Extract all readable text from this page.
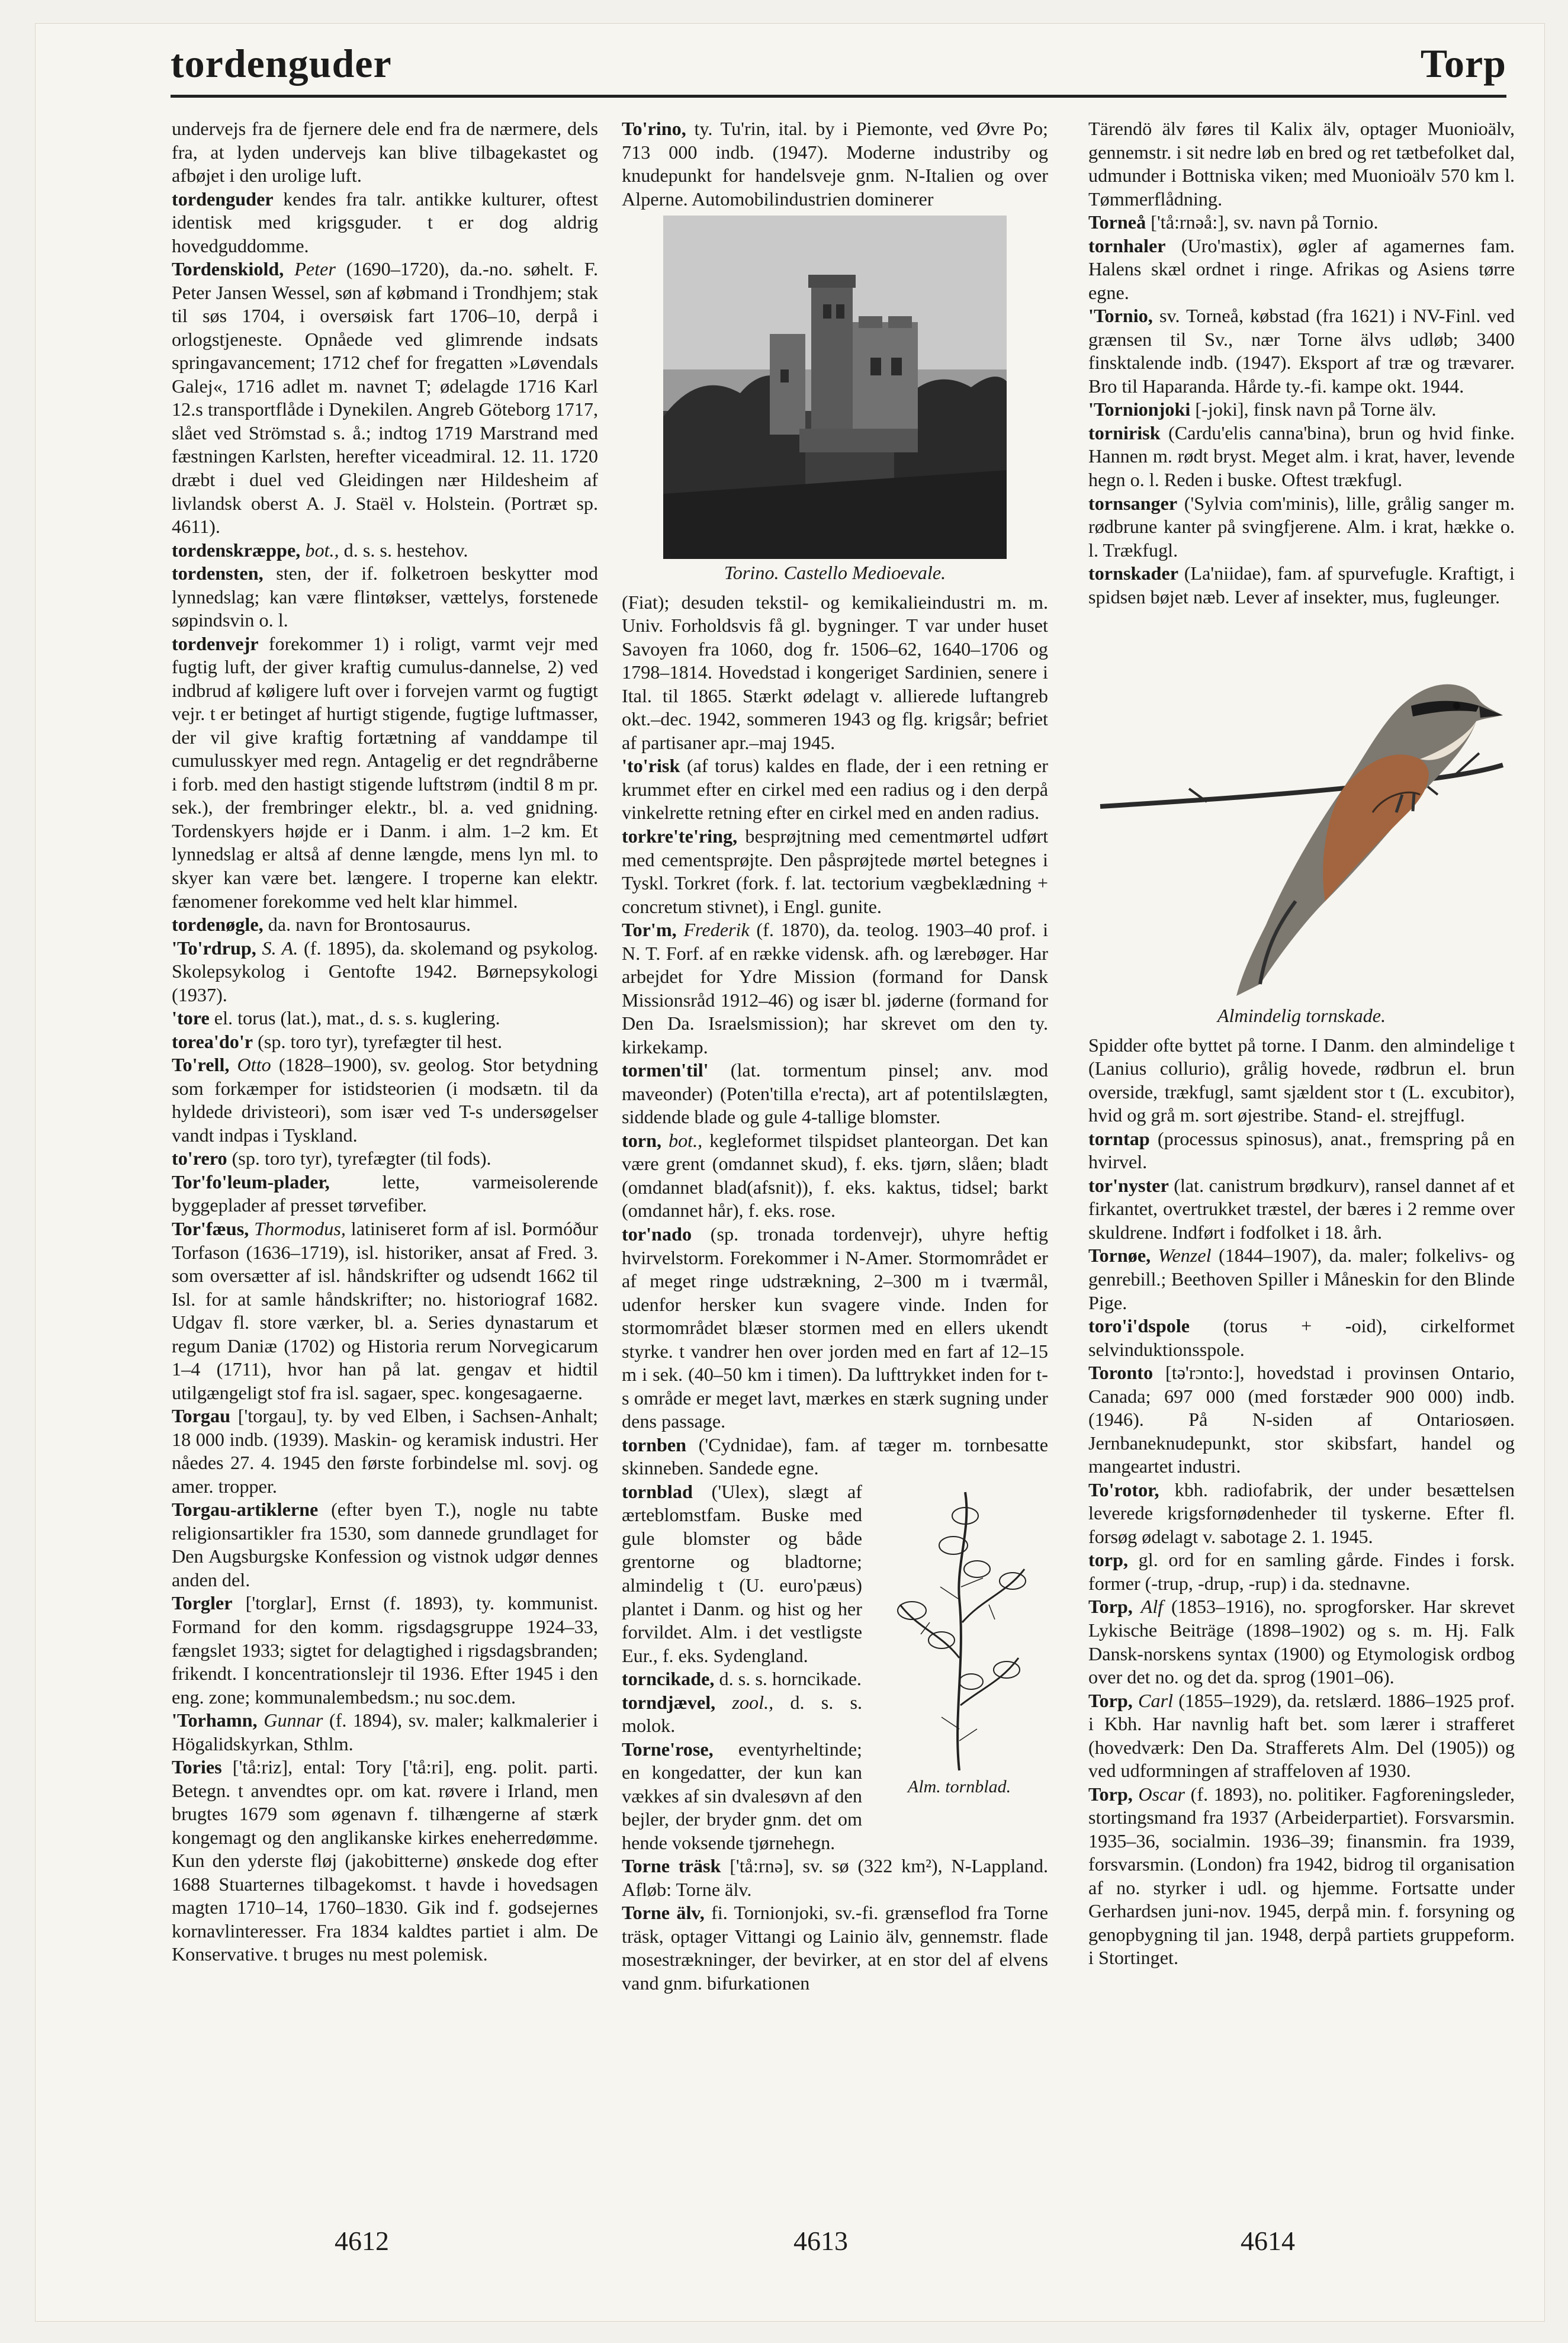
tordenguder	Torp

undervejs fra de fjernere dele end fra de nærmere, dels fra, at lyden undervejs kan blive tilbagekastet og afbøjet i den urolige luft.

tordenguder kendes fra talr. antikke kulturer, oftest identisk med krigsguder. t er dog aldrig hovedguddomme.

Tordenskiold, Peter (1690–1720), da.-no. søhelt. F. Peter Jansen Wessel, søn af købmand i Trondhjem; stak til søs 1704, i oversøisk fart 1706–10, derpå i orlogstjeneste. Opnåede ved glimrende indsats springavancement; 1712 chef for fregatten »Løvendals Galej«, 1716 adlet m. navnet T; ødelagde 1716 Karl 12.s transportflåde i Dynekilen. Angreb Göteborg 1717, slået ved Strömstad s. å.; indtog 1719 Marstrand med fæstningen Karlsten, herefter viceadmiral. 12. 11. 1720 dræbt i duel ved Gleidingen nær Hildesheim af livlandsk oberst A. J. Staël v. Holstein. (Portræt sp. 4611).

tordenskræppe, bot., d. s. s. hestehov.

tordensten, sten, der if. folketroen beskytter mod lynnedslag; kan være flintøkser, vættelys, forstenede søpindsvin o. l.

tordenvejr forekommer 1) i roligt, varmt vejr med fugtig luft, der giver kraftig cumulus-dannelse, 2) ved indbrud af køligere luft over i forvejen varmt og fugtigt vejr. t er betinget af hurtigt stigende, fugtige luftmasser, der vil give kraftig fortætning af vanddampe til cumulusskyer med regn. Antagelig er det regndråberne i forb. med den hastigt stigende luftstrøm (indtil 8 m pr. sek.), der frembringer elektr., bl. a. ved gnidning. Tordenskyers højde er i Danm. i alm. 1–2 km. Et lynnedslag er altså af denne længde, mens lyn ml. to skyer kan være bet. længere. I troperne kan elektr. fænomener forekomme ved helt klar himmel.

tordenøgle, da. navn for Brontosaurus.

'To'rdrup, S. A. (f. 1895), da. skolemand og psykolog. Skolepsykolog i Gentofte 1942. Børnepsykologi (1937).

'tore el. torus (lat.), mat., d. s. s. kuglering.

torea'do'r (sp. toro tyr), tyrefægter til hest.

To'rell, Otto (1828–1900), sv. geolog. Stor betydning som forkæmper for istidsteorien (i modsætn. til da hyldede drivisteori), som især ved T-s undersøgelser vandt indpas i Tyskland.

to'rero (sp. toro tyr), tyrefægter (til fods).

Tor'fo'leum-plader,	lette, varmeisolerende byggeplader af presset tørvefiber.

Tor'fæus, Thormodus, latiniseret form af isl. Þormóður Torfason (1636–1719), isl. historiker, ansat af Fred. 3. som oversætter af isl. håndskrifter og udsendt 1662 til Isl. for at samle håndskrifter; no. historiograf 1682. Udgav fl. store værker, bl. a. Series dynastarum et regum Daniæ (1702) og Historia rerum Norvegicarum 1–4 (1711), hvor han på lat. gengav et hidtil utilgængeligt stof fra isl. sagaer, spec. kongesagaerne.

Torgau ['torgau], ty. by ved Elben, i Sachsen-Anhalt; 18 000 indb. (1939). Maskin- og keramisk industri. Her nåedes 27. 4. 1945 den første forbindelse ml. sovj. og amer. tropper.

Torgau-artiklerne (efter byen T.), nogle nu tabte religionsartikler fra 1530, som dannede grundlaget for Den Augsburgske Konfession og vistnok udgør dennes anden del.

Torgler ['torglar], Ernst (f. 1893), ty. kommunist. Formand for den komm. rigsdagsgruppe 1924–33, fængslet 1933; sigtet for delagtighed i rigsdagsbranden; frikendt. I koncentrationslejr til 1936. Efter 1945 i den eng. zone; kommunalembedsm.; nu soc.dem.

'Torhamn, Gunnar (f. 1894), sv. maler; kalkmalerier i Högalidskyrkan, Sthlm.

Tories ['tå:riz], ental: Tory ['tå:ri], eng. polit. parti. Betegn. t anvendtes opr. om kat. røvere i Irland, men brugtes 1679 som øgenavn f. tilhængerne af stærk kongemagt og den anglikanske kirkes eneherredømme. Kun den yderste fløj (jakobitterne) ønskede dog efter 1688 Stuarternes tilbagekomst. t havde i hovedsagen magten 1710–14, 1760–1830. Gik ind f. godsejernes kornavlinteresser. Fra 1834 kaldtes partiet i alm. De Konservative. t bruges nu mest polemisk.

To'rino, ty. Tu'rin, ital. by i Piemonte, ved Øvre Po; 713 000 indb. (1947). Moderne industriby og knudepunkt for handelsveje gnm. N-Italien og over Alperne. Automobilindustrien dominerer

Torino. Castello Medioevale.

(Fiat); desuden tekstil- og kemikalieindustri m. m. Univ. Forholdsvis få gl. bygninger. T var under huset Savoyen fra 1060, dog fr. 1506–62, 1640–1706 og 1798–1814. Hovedstad i kongeriget Sardinien, senere i Ital. til 1865. Stærkt ødelagt v. allierede luftangreb okt.–dec. 1942, sommeren 1943 og flg. krigsår; befriet af partisaner apr.–maj 1945.

'to'risk (af torus) kaldes en flade, der i een retning er krummet efter en cirkel med een radius og i den derpå vinkelrette retning efter en cirkel med en anden radius.

torkre'te'ring, besprøjtning med cementmørtel udført med cementsprøjte. Den påsprøjtede mørtel betegnes i Tyskl. Torkret (fork. f. lat. tectorium vægbeklædning + concretum stivnet), i Engl. gunite.

Tor'm, Frederik (f. 1870), da. teolog. 1903–40 prof. i N. T. Forf. af en række vidensk. afh. og lærebøger. Har arbejdet for Ydre Mission (formand for Dansk Missionsråd 1912–46) og især bl. jøderne (formand for Den Da. Israelsmission); har skrevet om den ty. kirkekamp.

tormen'til' (lat. tormentum pinsel; anv. mod maveonder) (Poten'tilla e'recta), art af potentilslægten, siddende blade og gule 4-tallige blomster.

torn, bot., kegleformet tilspidset planteorgan. Det kan være grent (omdannet skud), f. eks. tjørn, slåen; bladt (omdannet blad(afsnit)), f. eks. kaktus, tidsel; barkt (omdannet hår), f. eks. rose.

tor'nado (sp. tronada tordenvejr), uhyre heftig hvirvelstorm. Forekommer i N-Amer. Stormområdet er af meget ringe udstrækning, 2–300 m i tværmål, udenfor hersker kun svagere vinde. Inden for stormområdet blæser stormen med en ellers ukendt styrke. t vandrer hen over jorden med en fart af 12–15 m i sek. (40–50 km i timen). Da lufttrykket inden for t-s område er meget lavt, mærkes en stærk sugning under dens passage.

tornben ('Cydnidae), fam. af tæger m. tornbesatte skinneben. Sandede egne.

Alm. tornblad.
tornblad ('Ulex), slægt af ærteblomstfam. Buske med gule blomster og både grentorne og bladtorne; almindelig t (U. euro'pæus) plantet i Danm. og hist og her forvildet. Alm. i det vestligste Eur., f. eks. Sydengland.

torncikade, d. s. s. horncikade.

torndjævel, zool., d. s. s. molok.

Torne'rose, eventyrheltinde; en kongedatter, der kun kan vækkes af sin dvalesøvn af den bejler, der bryder gnm. det om hende voksende tjørnehegn.

Torne träsk ['tå:rnə], sv. sø (322 km²), N-Lappland. Afløb: Torne älv.

Torne älv, fi. Tornionjoki, sv.-fi. grænseflod fra Torne träsk, optager Vittangi og Lainio älv, gennemstr. flade mosestrækninger, der bevirker, at en stor del af elvens vand gnm. bifurkationen

Tärendö älv føres til Kalix älv, optager Muonioälv, gennemstr. i sit nedre løb en bred og ret tætbefolket dal, udmunder i Bottniska viken; med Muonioälv 570 km l. Tømmerflådning.

Torneå ['tå:rnəå:], sv. navn på Tornio.

tornhaler (Uro'mastix), øgler af agamernes fam. Halens skæl ordnet i ringe. Afrikas og Asiens tørre egne.

'Tornio, sv. Torneå, købstad (fra 1621) i NV-Finl. ved grænsen til Sv., nær Torne älvs udløb; 3400 finsktalende indb. (1947). Eksport af træ og trævarer. Bro til Haparanda. Hårde ty.-fi. kampe okt. 1944.

'Tornionjoki [-joki], finsk navn på Torne älv.

tornirisk (Cardu'elis canna'bina), brun og hvid finke. Hannen m. rødt bryst. Meget alm. i krat, haver, levende hegn o. l. Reden i buske. Oftest trækfugl.

tornsanger ('Sylvia com'minis), lille, grålig sanger m. rødbrune kanter på svingfjerene. Alm. i krat, hække o. l. Trækfugl.

tornskader (La'niidae), fam. af spurvefugle. Kraftigt, i spidsen bøjet næb. Lever af insekter, mus, fugleunger.

Almindelig tornskade.

Spidder ofte byttet på torne. I Danm. den almindelige t (Lanius collurio), grålig hovede, rødbrun el. brun overside, trækfugl, samt sjældent stor t (L. excubitor), hvid og grå m. sort øjestribe. Stand- el. strejffugl.

torntap (processus spinosus), anat., fremspring på en hvirvel.

tor'nyster (lat. canistrum brødkurv), ransel dannet af et firkantet, overtrukket træstel, der bæres i 2 remme over skuldrene. Indført i fodfolket i 18. årh.

Tornøe, Wenzel (1844–1907), da. maler; folkelivs- og genrebill.; Beethoven Spiller i Måneskin for den Blinde Pige.

toro'i'dspole (torus + -oid), cirkelformet selvinduktionsspole.

Toronto [tə'rɔnto:], hovedstad i provinsen Ontario, Canada; 697 000 (med forstæder 900 000) indb. (1946). På N-siden af Ontariosøen. Jernbaneknudepunkt, stor skibsfart, handel og mangeartet industri.

To'rotor, kbh. radiofabrik, der under besættelsen leverede krigsfornødenheder til tyskerne. Efter fl. forsøg ødelagt v. sabotage 2. 1. 1945.

torp, gl. ord for en samling gårde. Findes i forsk. former (-trup, -drup, -rup) i da. stednavne.

Torp, Alf (1853–1916), no. sprogforsker. Har skrevet Lykische Beiträge (1898–1902) og s. m. Hj. Falk Dansk-norskens syntax (1900) og Etymologisk ordbog over det no. og det da. sprog (1901–06).

Torp, Carl (1855–1929), da. retslærd. 1886–1925 prof. i Kbh. Har navnlig haft bet. som lærer i strafferet (hovedværk: Den Da. Strafferets Alm. Del (1905)) og ved udformningen af straffeloven af 1930.

Torp, Oscar (f. 1893), no. politiker. Fagforeningsleder, stortingsmand fra 1937 (Arbeiderpartiet). Forsvarsmin. 1935–36, socialmin. 1936–39; finansmin. fra 1939, forsvarsmin. (London) fra 1942, bidrog til organisation af no. styrker i udl. og hjemme. Fortsatte under Gerhardsen juni-nov. 1945, derpå min. f. forsyning og genopbygning til jan. 1948, derpå partiets gruppeform. i Stortinget.

4612	4613	4614
